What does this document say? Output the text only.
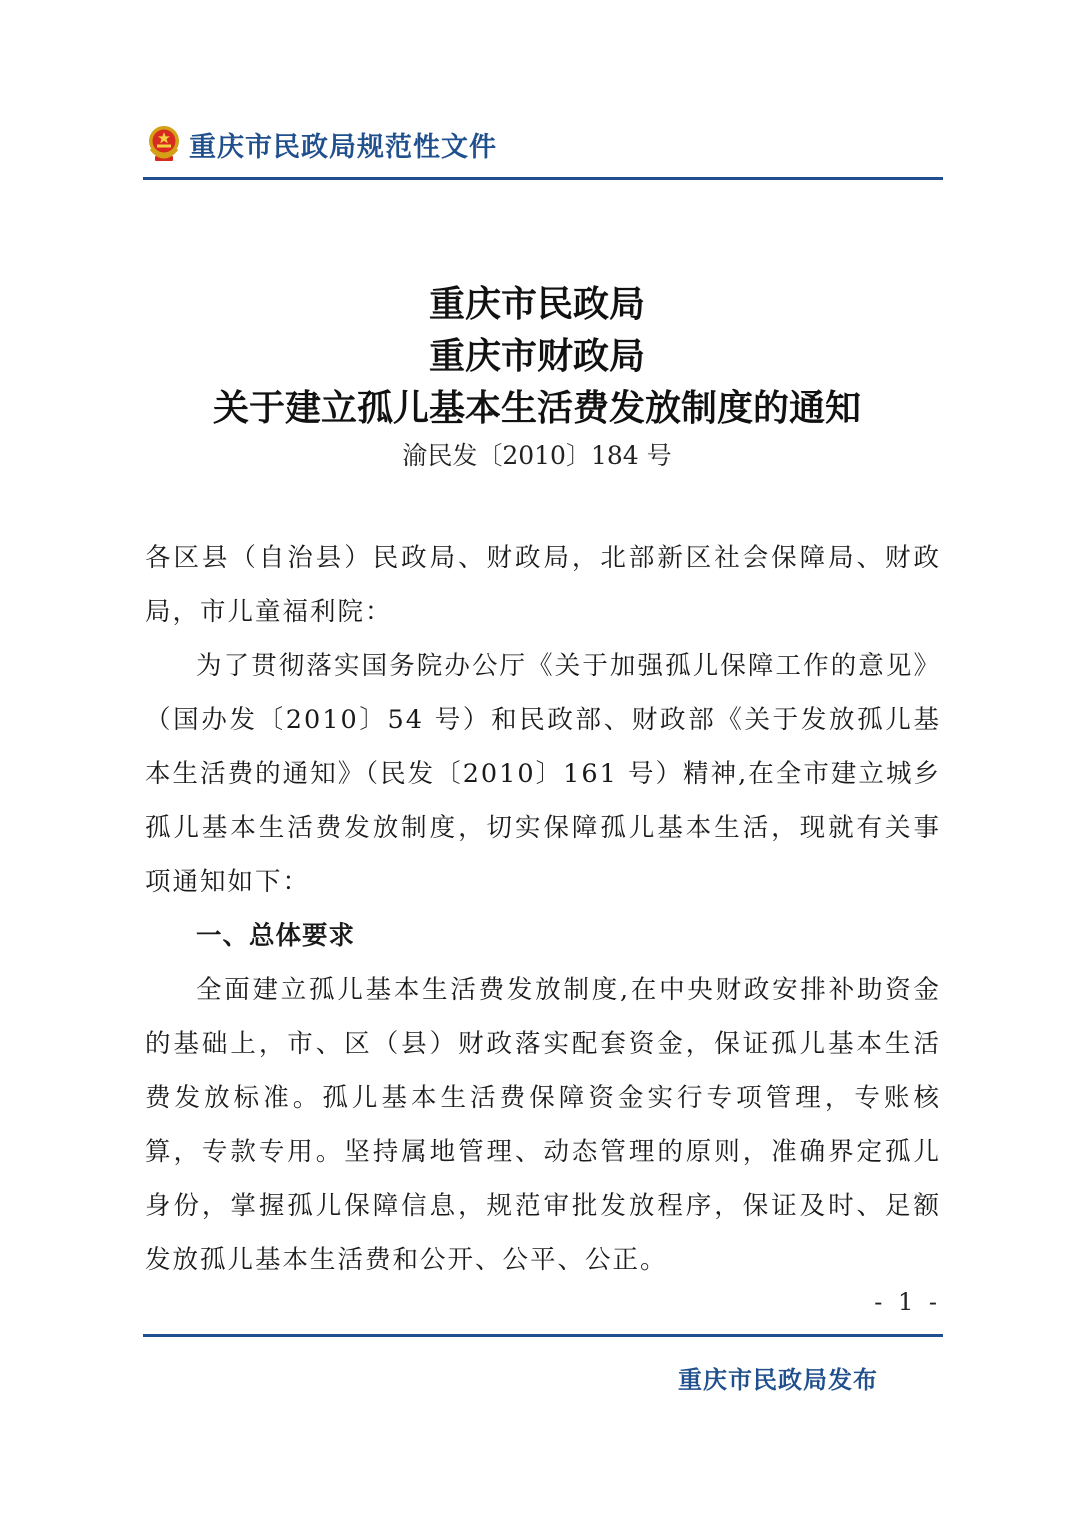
重庆市民政局规范性文件
重庆市民政局
重庆市财政局
关于建立孤儿基本生活费发放制度的通知
渝民发〔2010〕184 号

各区县（自治县）民政局、财政局，北部新区社会保障局、财政局，市儿童福利院：

为了贯彻落实国务院办公厅《关于加强孤儿保障工作的意见》（国办发〔2010〕54 号）和民政部、财政部《关于发放孤儿基本生活费的通知》（民发〔2010〕161 号）精神,在全市建立城乡孤儿基本生活费发放制度，切实保障孤儿基本生活，现就有关事项通知如下：

一、总体要求

全面建立孤儿基本生活费发放制度,在中央财政安排补助资金的基础上，市、区（县）财政落实配套资金，保证孤儿基本生活费发放标准。孤儿基本生活费保障资金实行专项管理，专账核算，专款专用。坚持属地管理、动态管理的原则，准确界定孤儿身份，掌握孤儿保障信息，规范审批发放程序，保证及时、足额发放孤儿基本生活费和公开、公平、公正。

- 1 -
重庆市民政局发布
